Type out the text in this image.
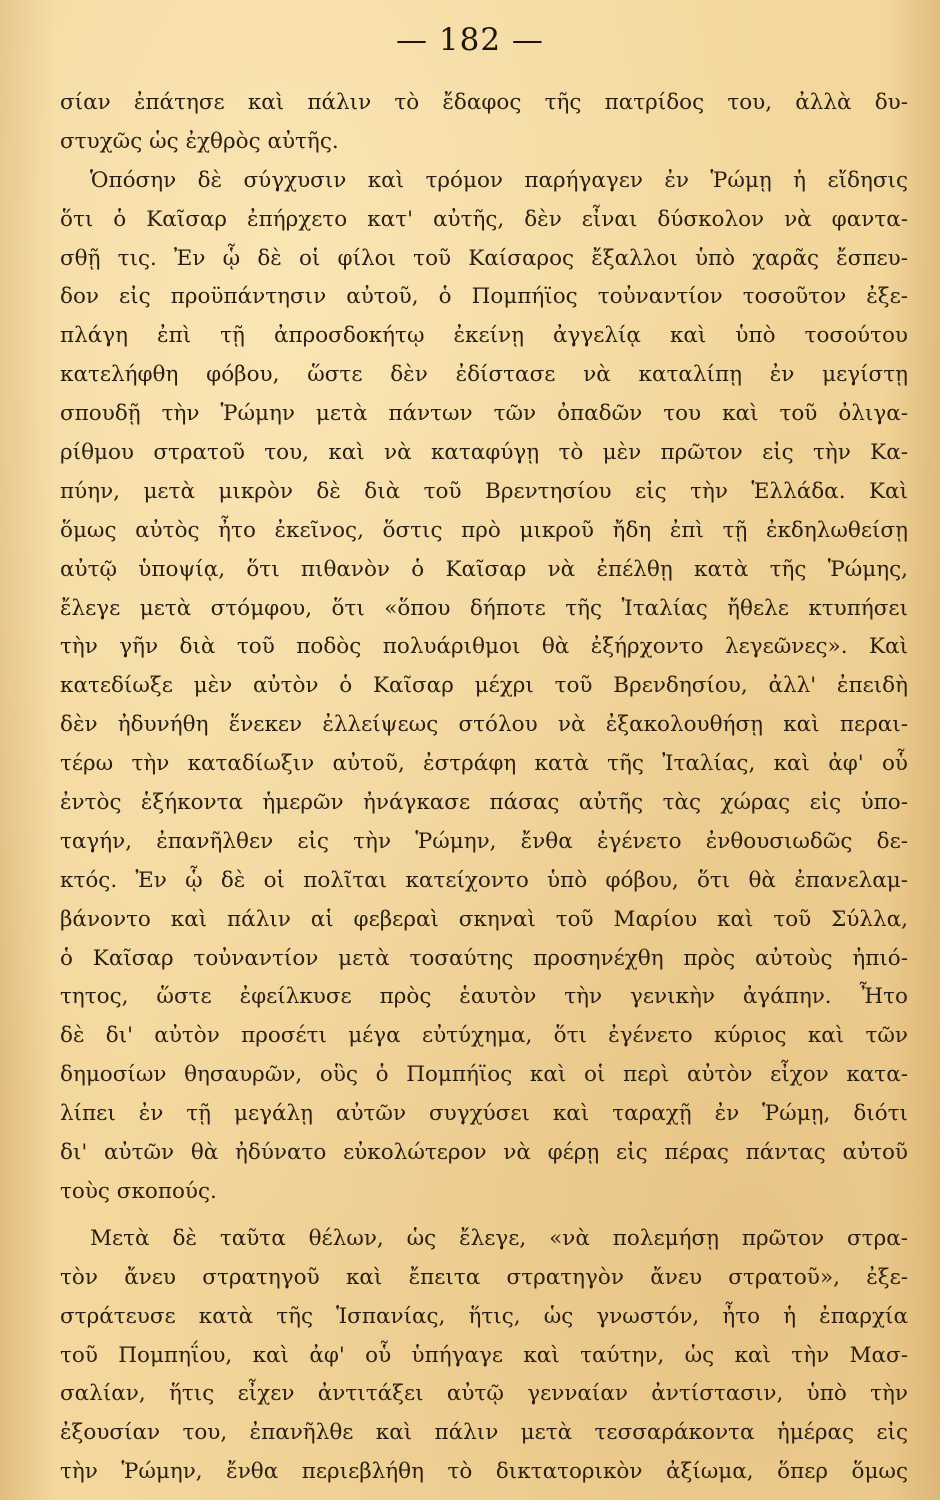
— 182 —
σίαν ἐπάτησε καὶ πάλιν τὸ ἔδαφος τῆς πατρίδος του, ἀλλὰ δυ-
στυχῶς ὡς ἐχθρὸς αὐτῆς.
Ὁπόσην δὲ σύγχυσιν καὶ τρόμον παρήγαγεν ἐν Ῥώμῃ ἡ εἴδησις
ὅτι ὁ Καῖσαρ ἐπήρχετο κατ' αὐτῆς, δὲν εἶναι δύσκολον νὰ φαντα-
σθῇ τις. Ἐν ᾧ δὲ οἱ φίλοι τοῦ Καίσαρος ἔξαλλοι ὑπὸ χαρᾶς ἔσπευ-
δον εἰς προϋπάντησιν αὐτοῦ, ὁ Πομπήϊος τοὐναντίον τοσοῦτον ἐξε-
πλάγη ἐπὶ τῇ ἀπροσδοκήτῳ ἐκείνῃ ἀγγελίᾳ καὶ ὑπὸ τοσούτου
κατελήφθη φόβου, ὥστε δὲν ἐδίστασε νὰ καταλίπῃ ἐν μεγίστῃ
σπουδῇ τὴν Ῥώμην μετὰ πάντων τῶν ὀπαδῶν του καὶ τοῦ ὀλιγα-
ρίθμου στρατοῦ του, καὶ νὰ καταφύγῃ τὸ μὲν πρῶτον εἰς τὴν Κα-
πύην, μετὰ μικρὸν δὲ διὰ τοῦ Βρεντησίου εἰς τὴν Ἑλλάδα. Καὶ
ὅμως αὐτὸς ἦτο ἐκεῖνος, ὅστις πρὸ μικροῦ ἤδη ἐπὶ τῇ ἐκδηλωθείσῃ
αὐτῷ ὑποψίᾳ, ὅτι πιθανὸν ὁ Καῖσαρ νὰ ἐπέλθῃ κατὰ τῆς Ῥώμης,
ἔλεγε μετὰ στόμφου, ὅτι «ὅπου δήποτε τῆς Ἰταλίας ἤθελε κτυπήσει
τὴν γῆν διὰ τοῦ ποδὸς πολυάριθμοι θὰ ἐξήρχοντο λεγεῶνες». Καὶ
κατεδίωξε μὲν αὐτὸν ὁ Καῖσαρ μέχρι τοῦ Βρενδησίου, ἀλλ' ἐπειδὴ
δὲν ἠδυνήθη ἕνεκεν ἐλλείψεως στόλου νὰ ἐξακολουθήσῃ καὶ περαι-
τέρω τὴν καταδίωξιν αὐτοῦ, ἐστράφη κατὰ τῆς Ἰταλίας, καὶ ἀφ' οὗ
ἐντὸς ἑξήκοντα ἡμερῶν ἠνάγκασε πάσας αὐτῆς τὰς χώρας εἰς ὑπο-
ταγήν, ἐπανῆλθεν εἰς τὴν Ῥώμην, ἔνθα ἐγένετο ἐνθουσιωδῶς δε-
κτός. Ἐν ᾧ δὲ οἱ πολῖται κατείχοντο ὑπὸ φόβου, ὅτι θὰ ἐπανελαμ-
βάνοντο καὶ πάλιν αἱ φεβεραὶ σκηναὶ τοῦ Μαρίου καὶ τοῦ Σύλλα,
ὁ Καῖσαρ τοὐναντίον μετὰ τοσαύτης προσηνέχθη πρὸς αὐτοὺς ἠπιό-
τητος, ὥστε ἐφείλκυσε πρὸς ἑαυτὸν τὴν γενικὴν ἀγάπην. Ἦτο
δὲ δι' αὐτὸν προσέτι μέγα εὐτύχημα, ὅτι ἐγένετο κύριος καὶ τῶν
δημοσίων θησαυρῶν, οὓς ὁ Πομπήϊος καὶ οἱ περὶ αὐτὸν εἶχον κατα-
λίπει ἐν τῇ μεγάλῃ αὐτῶν συγχύσει καὶ ταραχῇ ἐν Ῥώμῃ, διότι
δι' αὐτῶν θὰ ἠδύνατο εὐκολώτερον νὰ φέρῃ εἰς πέρας πάντας αὐτοῦ
τοὺς σκοπούς.
Μετὰ δὲ ταῦτα θέλων, ὡς ἔλεγε, «νὰ πολεμήσῃ πρῶτον στρα-
τὸν ἄνευ στρατηγοῦ καὶ ἔπειτα στρατηγὸν ἄνευ στρατοῦ», ἐξε-
στράτευσε κατὰ τῆς Ἱσπανίας, ἥτις, ὡς γνωστόν, ἦτο ἡ ἐπαρχία
τοῦ Πομπηΐου, καὶ ἀφ' οὗ ὑπήγαγε καὶ ταύτην, ὡς καὶ τὴν Μασ-
σαλίαν, ἥτις εἶχεν ἀντιτάξει αὐτῷ γενναίαν ἀντίστασιν, ὑπὸ τὴν
ἐξουσίαν του, ἐπανῆλθε καὶ πάλιν μετὰ τεσσαράκοντα ἡμέρας εἰς
τὴν Ῥώμην, ἔνθα περιεβλήθη τὸ δικτατορικὸν ἀξίωμα, ὅπερ ὅμως
